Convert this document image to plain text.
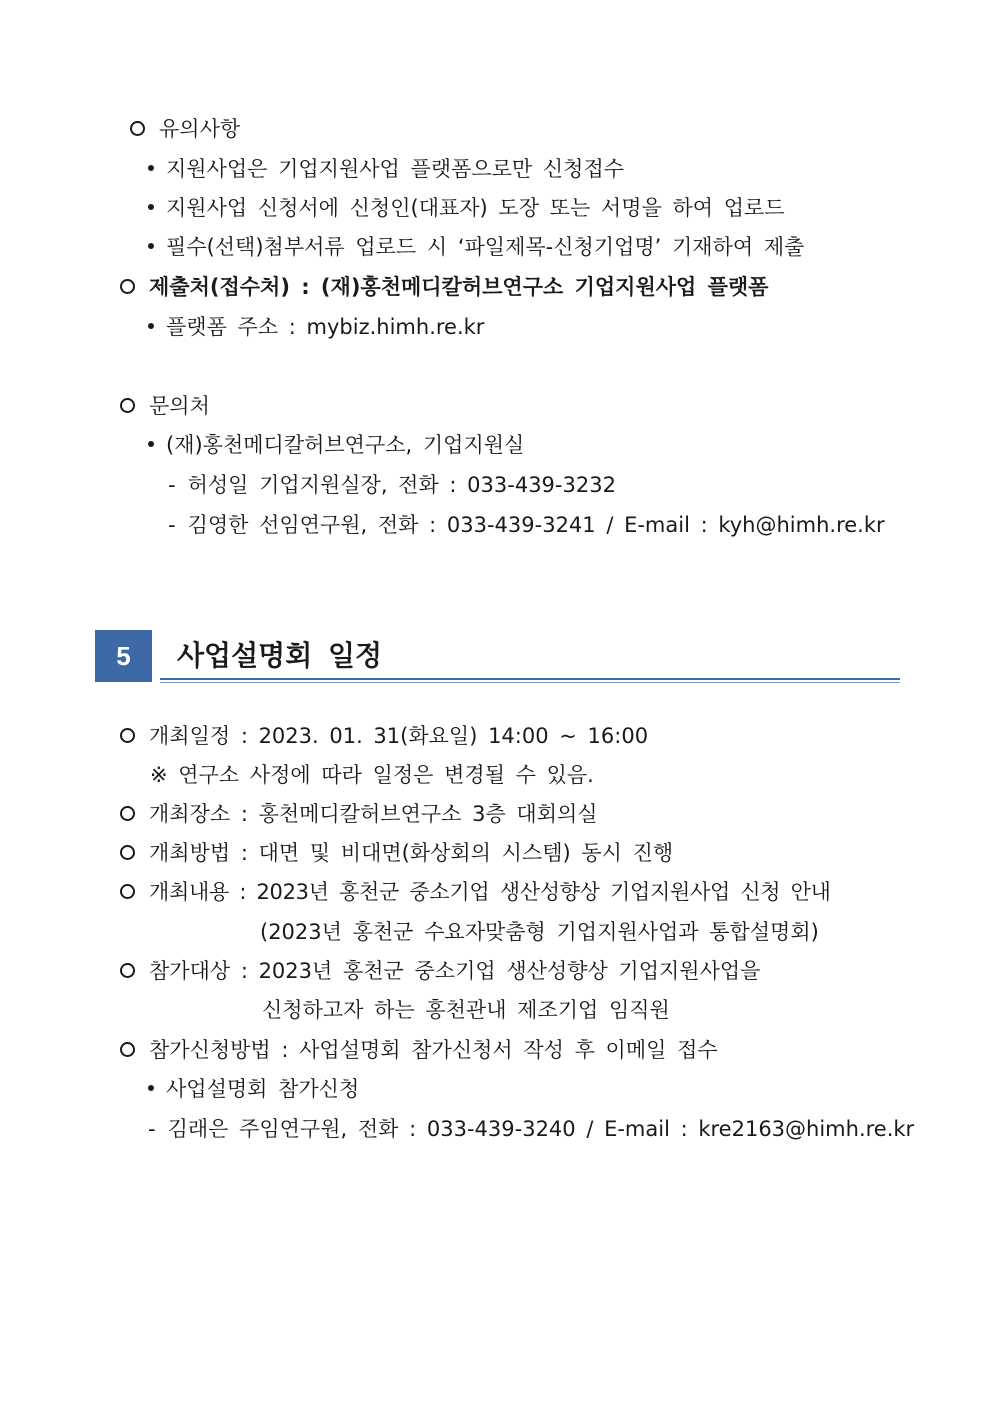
유의사항
지원사업은 기업지원사업 플랫폼으로만 신청접수
지원사업 신청서에 신청인(대표자) 도장 또는 서명을 하여 업로드
필수(선택)첨부서류 업로드 시 ‘파일제목-신청기업명’ 기재하여 제출
제출처(접수처) : (재)홍천메디칼허브연구소 기업지원사업 플랫폼
플랫폼 주소 : mybiz.himh.re.kr
문의처
(재)홍천메디칼허브연구소, 기업지원실
- 허성일 기업지원실장, 전화 : 033-439-3232
- 김영한 선임연구원, 전화 : 033-439-3241 / E-mail : kyh@himh.re.kr
5	사업설명회 일정
개최일정 : 2023. 01. 31(화요일) 14:00 ~ 16:00
※ 연구소 사정에 따라 일정은 변경될 수 있음.
개최장소 : 홍천메디칼허브연구소 3층 대회의실
개최방법 : 대면 및 비대면(화상회의 시스템) 동시 진행
개최내용 : 2023년 홍천군 중소기업 생산성향상 기업지원사업 신청 안내
(2023년 홍천군 수요자맞춤형 기업지원사업과 통합설명회)
참가대상 : 2023년 홍천군 중소기업 생산성향상 기업지원사업을
신청하고자 하는 홍천관내 제조기업 임직원
참가신청방법 : 사업설명회 참가신청서 작성 후 이메일 접수
사업설명회 참가신청
- 김래은 주임연구원, 전화 : 033-439-3240 / E-mail : kre2163@himh.re.kr
